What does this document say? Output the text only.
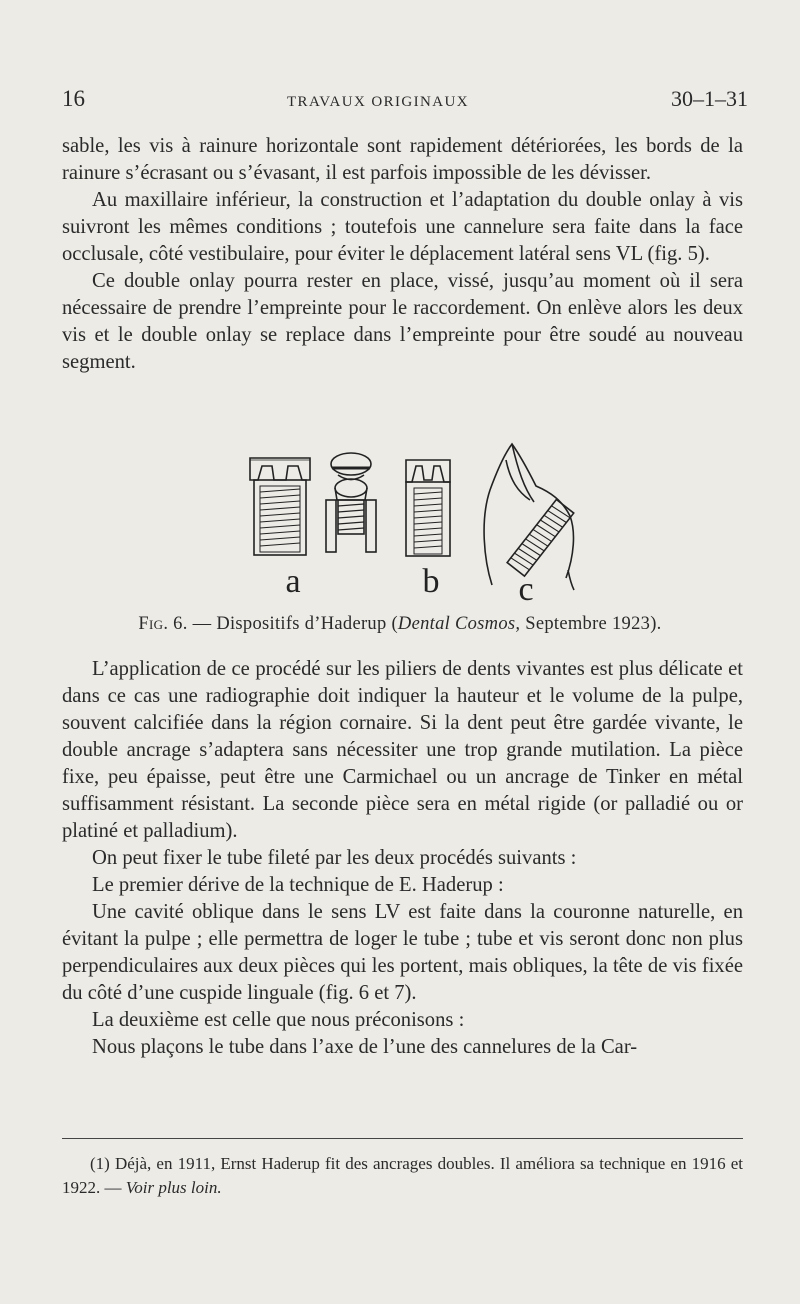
16	TRAVAUX ORIGINAUX	30–1–31

sable, les vis à rainure horizontale sont rapidement détériorées, les bords de la rainure s’écrasant ou s’évasant, il est parfois impossible de les dévisser.

Au maxillaire inférieur, la construction et l’adaptation du double onlay à vis suivront les mêmes conditions ; toutefois une cannelure sera faite dans la face occlusale, côté vestibulaire, pour éviter le déplacement latéral sens VL (fig. 5).

Ce double onlay pourra rester en place, vissé, jusqu’au moment où il sera nécessaire de prendre l’empreinte pour le raccordement. On enlève alors les deux vis et le double onlay se replace dans l’empreinte pour être soudé au nouveau segment.

a	b c
Fig. 6. — Dispositifs d’Haderup (Dental Cosmos, Septembre 1923).

L’application de ce procédé sur les piliers de dents vivantes est plus délicate et dans ce cas une radiographie doit indiquer la hauteur et le volume de la pulpe, souvent calcifiée dans la région cornaire. Si la dent peut être gardée vivante, le double ancrage s’adaptera sans nécessiter une trop grande mutilation. La pièce fixe, peu épaisse, peut être une Carmichael ou un ancrage de Tinker en métal suffisamment résistant. La seconde pièce sera en métal rigide (or palladié ou or platiné et palladium).

On peut fixer le tube fileté par les deux procédés suivants :

Le premier dérive de la technique de E. Haderup :

Une cavité oblique dans le sens LV est faite dans la couronne naturelle, en évitant la pulpe ; elle permettra de loger le tube ; tube et vis seront donc non plus perpendiculaires aux deux pièces qui les portent, mais obliques, la tête de vis fixée du côté d’une cuspide linguale (fig. 6 et 7).

La deuxième est celle que nous préconisons :

Nous plaçons le tube dans l’axe de l’une des cannelures de la Car-

(1) Déjà, en 1911, Ernst Haderup fit des ancrages doubles. Il améliora sa technique en 1916 et 1922. — Voir plus loin.
